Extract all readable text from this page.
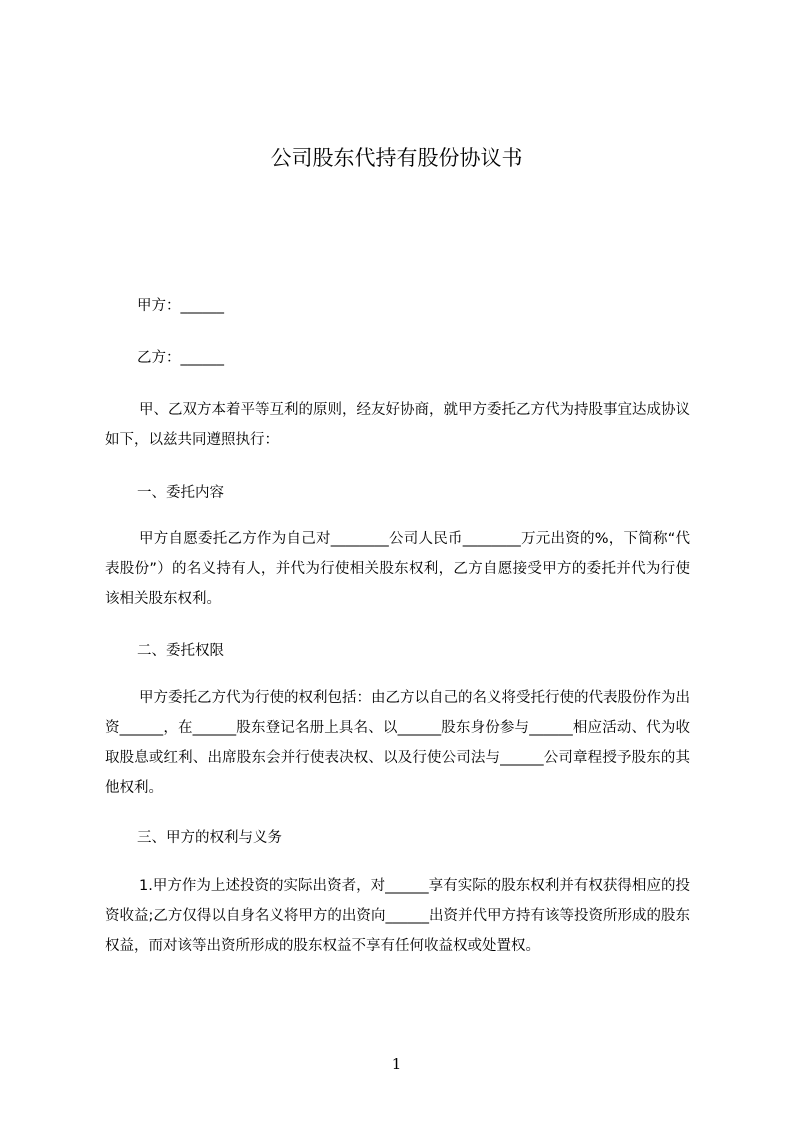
公司股东代持有股份协议书
甲方：______
乙方：______
甲、乙双方本着平等互利的原则，经友好协商，就甲方委托乙方代为持股事宜达成协议如下，以兹共同遵照执行：
一、委托内容
甲方自愿委托乙方作为自己对________公司人民币________万元出资的%，下简称“代表股份”）的名义持有人，并代为行使相关股东权利，乙方自愿接受甲方的委托并代为行使该相关股东权利。
二、委托权限
甲方委托乙方代为行使的权利包括：由乙方以自己的名义将受托行使的代表股份作为出资______，在______股东登记名册上具名、以______股东身份参与______相应活动、代为收取股息或红利、出席股东会并行使表决权、以及行使公司法与______公司章程授予股东的其他权利。
三、甲方的权利与义务
1.甲方作为上述投资的实际出资者，对______享有实际的股东权利并有权获得相应的投资收益;乙方仅得以自身名义将甲方的出资向______出资并代甲方持有该等投资所形成的股东权益，而对该等出资所形成的股东权益不享有任何收益权或处置权。
1
